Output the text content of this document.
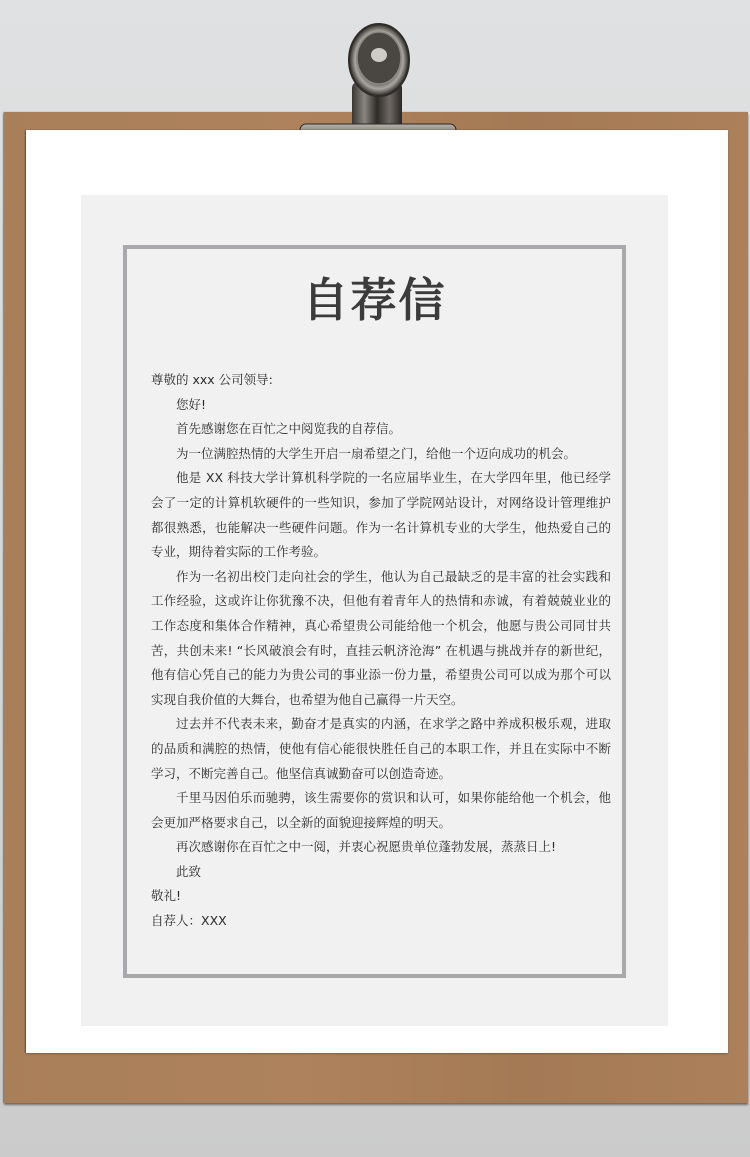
自荐信

尊敬的 xxx 公司领导:

您好!

首先感谢您在百忙之中阅览我的自荐信。

为一位满腔热情的大学生开启一扇希望之门，给他一个迈向成功的机会。

他是 XX 科技大学计算机科学院的一名应届毕业生，在大学四年里，他已经学会了一定的计算机软硬件的一些知识，参加了学院网站设计，对网络设计管理维护都很熟悉，也能解决一些硬件问题。作为一名计算机专业的大学生，他热爱自己的专业，期待着实际的工作考验。

作为一名初出校门走向社会的学生，他认为自己最缺乏的是丰富的社会实践和工作经验，这或许让你犹豫不决，但他有着青年人的热情和赤诚，有着兢兢业业的工作态度和集体合作精神，真心希望贵公司能给他一个机会，他愿与贵公司同甘共苦，共创未来! “长风破浪会有时，直挂云帆济沧海” 在机遇与挑战并存的新世纪，他有信心凭自己的能力为贵公司的事业添一份力量，希望贵公司可以成为那个可以实现自我价值的大舞台，也希望为他自己赢得一片天空。

过去并不代表未来，勤奋才是真实的内涵，在求学之路中养成积极乐观，进取的品质和满腔的热情，使他有信心能很快胜任自己的本职工作，并且在实际中不断学习，不断完善自己。他坚信真诚勤奋可以创造奇迹。

千里马因伯乐而驰骋，该生需要你的赏识和认可，如果你能给他一个机会，他会更加严格要求自己，以全新的面貌迎接辉煌的明天。

再次感谢你在百忙之中一阅，并衷心祝愿贵单位蓬勃发展，蒸蒸日上!

此致

敬礼!

自荐人：XXX
